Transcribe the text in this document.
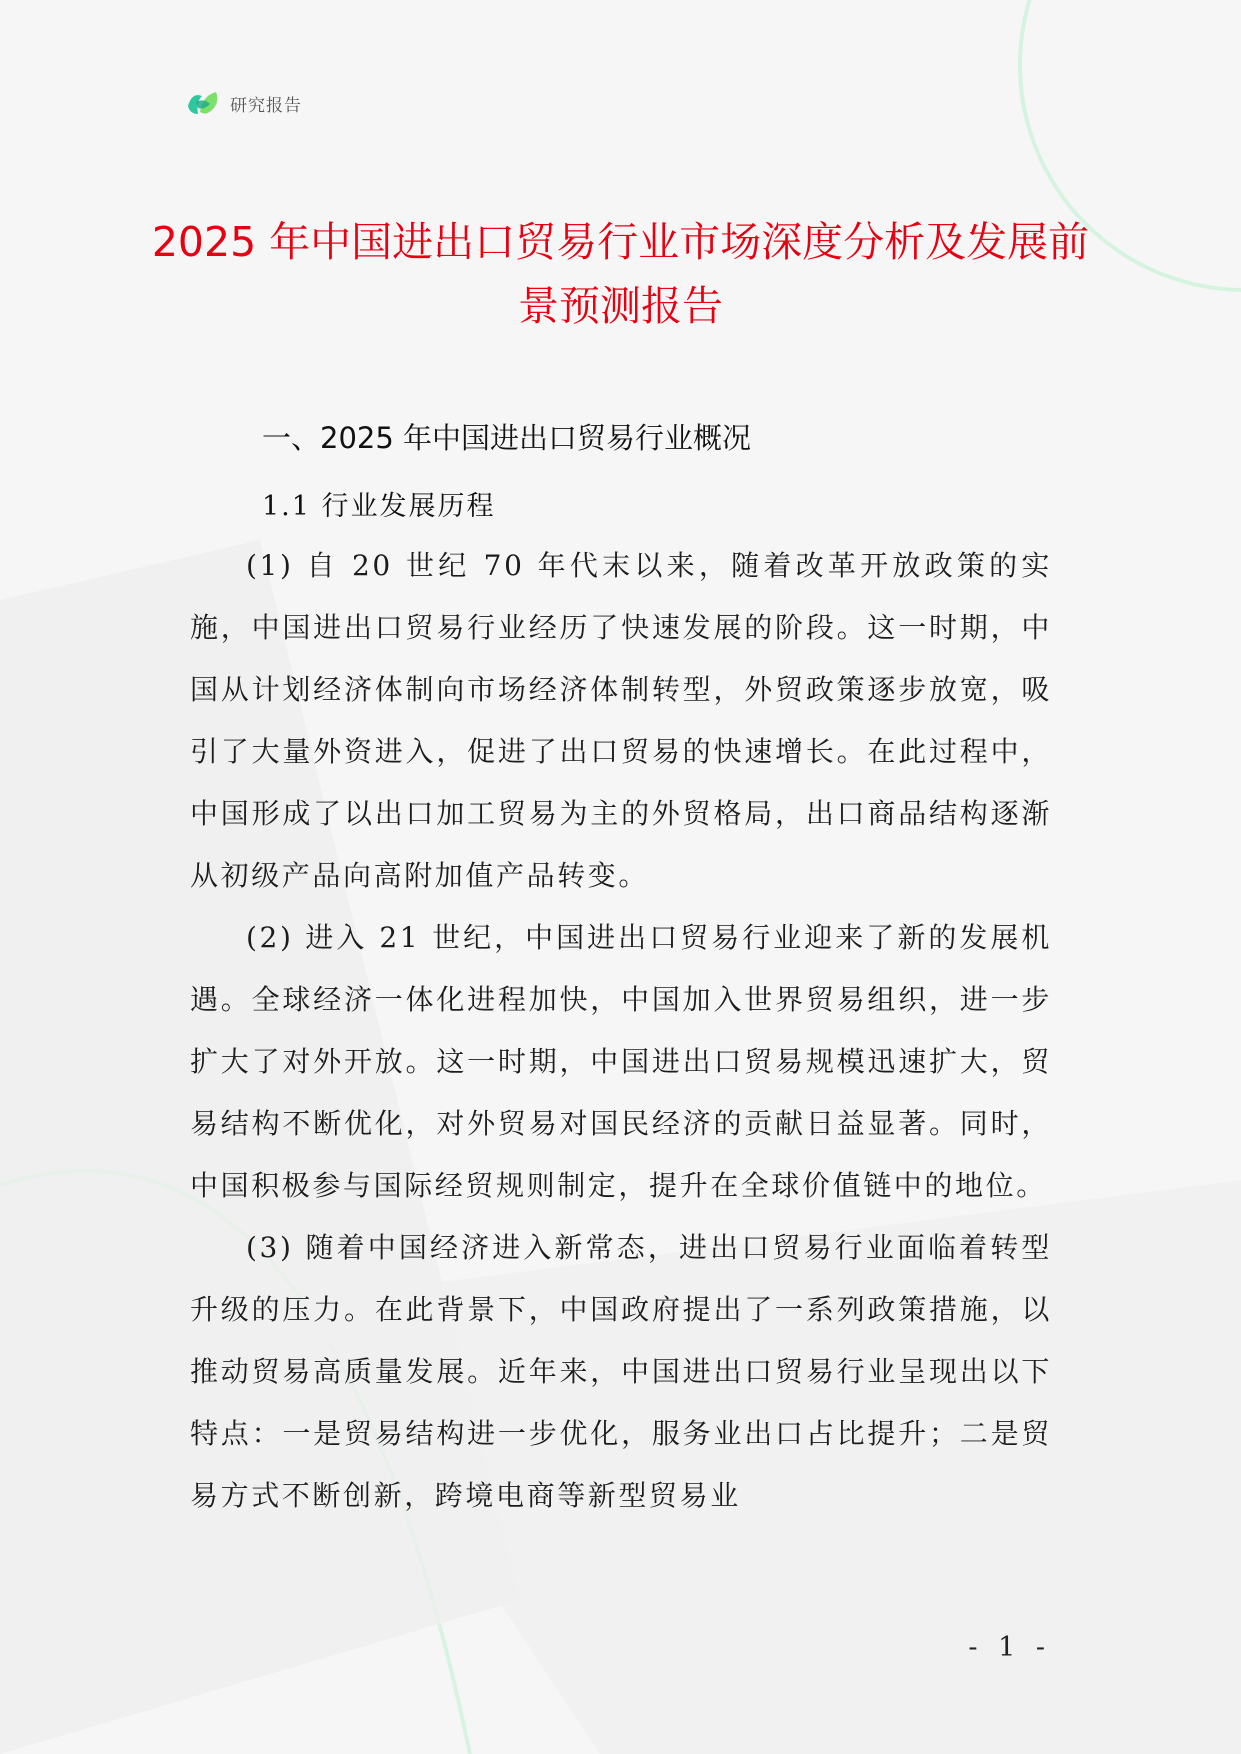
研究报告
2025 年中国进出口贸易行业市场深度分析及发展前景预测报告
一、2025 年中国进出口贸易行业概况
1.1 行业发展历程

(1) 自 20 世纪 70 年代末以来，随着改革开放政策的实施，中国进出口贸易行业经历了快速发展的阶段。这一时期，中国从计划经济体制向市场经济体制转型，外贸政策逐步放宽，吸引了大量外资进入，促进了出口贸易的快速增长。在此过程中，中国形成了以出口加工贸易为主的外贸格局，出口商品结构逐渐从初级产品向高附加值产品转变。

(2) 进入 21 世纪，中国进出口贸易行业迎来了新的发展机遇。全球经济一体化进程加快，中国加入世界贸易组织，进一步扩大了对外开放。这一时期，中国进出口贸易规模迅速扩大，贸易结构不断优化，对外贸易对国民经济的贡献日益显著。同时，中国积极参与国际经贸规则制定，提升在全球价值链中的地位。

(3) 随着中国经济进入新常态，进出口贸易行业面临着转型升级的压力。在此背景下，中国政府提出了一系列政策措施，以推动贸易高质量发展。近年来，中国进出口贸易行业呈现出以下特点：一是贸易结构进一步优化，服务业出口占比提升；二是贸易方式不断创新，跨境电商等新型贸易业

- 1 -
